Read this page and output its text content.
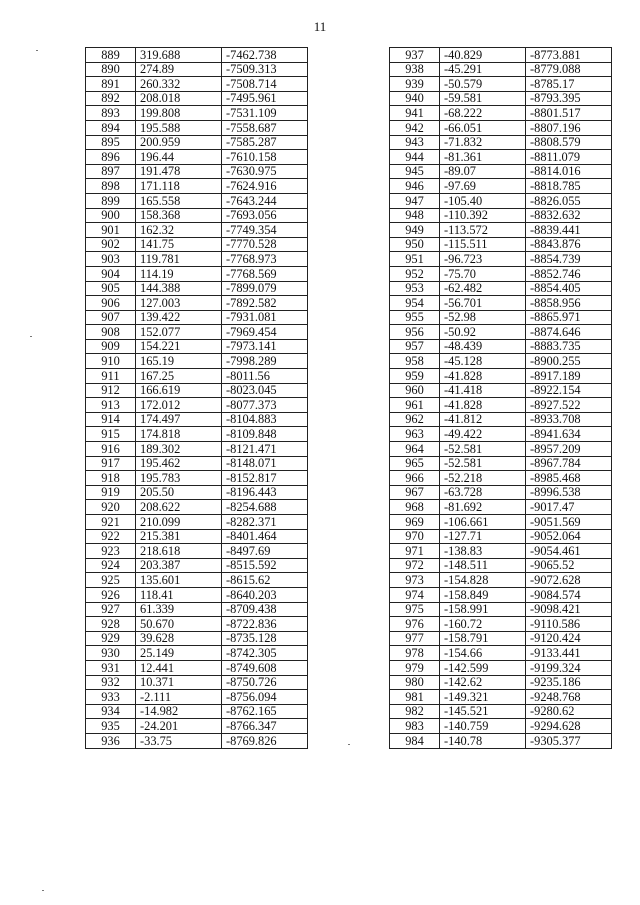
11
889	319.688	-7462.738
890	274.89	-7509.313
891	260.332	-7508.714
892	208.018	-7495.961
893	199.808	-7531.109
894	195.588	-7558.687
895	200.959	-7585.287
896	196.44	-7610.158
897	191.478	-7630.975
898	171.118	-7624.916
899	165.558	-7643.244
900	158.368	-7693.056
901	162.32	-7749.354
902	141.75	-7770.528
903	119.781	-7768.973
904	114.19	-7768.569
905	144.388	-7899.079
906	127.003	-7892.582
907	139.422	-7931.081
908	152.077	-7969.454
909	154.221	-7973.141
910	165.19	-7998.289
911	167.25	-8011.56
912	166.619	-8023.045
913	172.012	-8077.373
914	174.497	-8104.883
915	174.818	-8109.848
916	189.302	-8121.471
917	195.462	-8148.071
918	195.783	-8152.817
919	205.50	-8196.443
920	208.622	-8254.688
921	210.099	-8282.371
922	215.381	-8401.464
923	218.618	-8497.69
924	203.387	-8515.592
925	135.601	-8615.62
926	118.41	-8640.203
927	61.339	-8709.438
928	50.670	-8722.836
929	39.628	-8735.128
930	25.149	-8742.305
931	12.441	-8749.608
932	10.371	-8750.726
933	-2.111	-8756.094
934	-14.982	-8762.165
935	-24.201	-8766.347
936	-33.75	-8769.826
937	-40.829	-8773.881
938	-45.291	-8779.088
939	-50.579	-8785.17
940	-59.581	-8793.395
941	-68.222	-8801.517
942	-66.051	-8807.196
943	-71.832	-8808.579
944	-81.361	-8811.079
945	-89.07	-8814.016
946	-97.69	-8818.785
947	-105.40	-8826.055
948	-110.392	-8832.632
949	-113.572	-8839.441
950	-115.511	-8843.876
951	-96.723	-8854.739
952	-75.70	-8852.746
953	-62.482	-8854.405
954	-56.701	-8858.956
955	-52.98	-8865.971
956	-50.92	-8874.646
957	-48.439	-8883.735
958	-45.128	-8900.255
959	-41.828	-8917.189
960	-41.418	-8922.154
961	-41.828	-8927.522
962	-41.812	-8933.708
963	-49.422	-8941.634
964	-52.581	-8957.209
965	-52.581	-8967.784
966	-52.218	-8985.468
967	-63.728	-8996.538
968	-81.692	-9017.47
969	-106.661	-9051.569
970	-127.71	-9052.064
971	-138.83	-9054.461
972	-148.511	-9065.52
973	-154.828	-9072.628
974	-158.849	-9084.574
975	-158.991	-9098.421
976	-160.72	-9110.586
977	-158.791	-9120.424
978	-154.66	-9133.441
979	-142.599	-9199.324
980	-142.62	-9235.186
981	-149.321	-9248.768
982	-145.521	-9280.62
983	-140.759	-9294.628
984	-140.78	-9305.377
